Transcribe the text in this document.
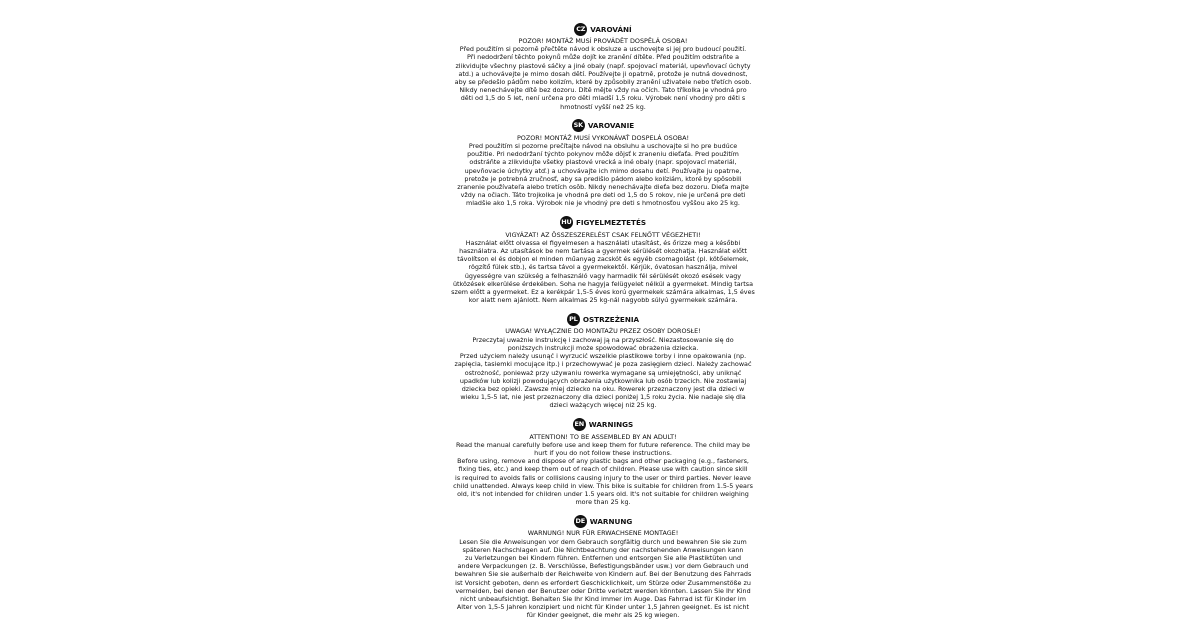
CZ VAROVÁNÍ
POZOR! MONTÁŽ MUSÍ PROVÁDĚT DOSPĚLÁ OSOBA!
Před použitím si pozorně přečtěte návod k obsluze a uschovejte si jej pro budoucí použití.
Při nedodržení těchto pokynů může dojít ke zranění dítěte. Před použitím odstraňte a
zlikvidujte všechny plastové sáčky a jiné obaly (např. spojovací materiál, upevňovací úchyty
atd.) a uchovávejte je mimo dosah dětí. Používejte ji opatrně, protože je nutná dovednost,
aby se předešlo pádům nebo kolizím, které by způsobily zranění uživatele nebo třetích osob.
Nikdy nenechávejte dítě bez dozoru. Dítě mějte vždy na očích. Tato tříkolka je vhodná pro
děti od 1,5 do 5 let, není určena pro děti mladší 1,5 roku. Výrobek není vhodný pro děti s
hmotností vyšší než 25 kg.
SK VAROVANIE
POZOR! MONTÁŽ MUSÍ VYKONÁVAŤ DOSPELÁ OSOBA!
Pred použitím si pozorne prečítajte návod na obsluhu a uschovajte si ho pre budúce
použitie. Pri nedodržaní týchto pokynov môže dôjsť k zraneniu dieťaťa. Pred použitím
odstráňte a zlikvidujte všetky plastové vrecká a iné obaly (napr. spojovací materiál,
upevňovacie úchytky atď.) a uchovávajte ich mimo dosahu detí. Používajte ju opatrne,
pretože je potrebná zručnosť, aby sa predišlo pádom alebo kolíziám, ktoré by spôsobili
zranenie používateľa alebo tretích osôb. Nikdy nenechávajte dieťa bez dozoru. Dieťa majte
vždy na očiach. Táto trojkolka je vhodná pre deti od 1,5 do 5 rokov, nie je určená pre deti
mladšie ako 1,5 roka. Výrobok nie je vhodný pre deti s hmotnosťou vyššou ako 25 kg.
HU FIGYELMEZTETÉS
VIGYÁZAT! AZ ÖSSZESZERELÉST CSAK FELNŐTT VÉGEZHETI!
Használat előtt olvassa el figyelmesen a használati utasítást, és őrizze meg a későbbi
használatra. Az utasítások be nem tartása a gyermek sérülését okozhatja. Használat előtt
távolítson el és dobjon el minden műanyag zacskót és egyéb csomagolást (pl. kötőelemek,
rögzítő fülek stb.), és tartsa távol a gyermekektől. Kérjük, óvatosan használja, mivel
ügyességre van szükség a felhasználó vagy harmadik fél sérülését okozó esések vagy
ütközések elkerülése érdekében. Soha ne hagyja felügyelet nélkül a gyermeket. Mindig tartsa
szem előtt a gyermeket. Ez a kerékpár 1,5-5 éves korú gyermekek számára alkalmas, 1,5 éves
kor alatt nem ajánlott. Nem alkalmas 25 kg-nál nagyobb súlyú gyermekek számára.
PL OSTRZEŻENIA
UWAGA! WYŁĄCZNIE DO MONTAŻU PRZEZ OSOBY DOROSŁE!
Przeczytaj uważnie instrukcję i zachowaj ją na przyszłość. Niezastosowanie się do
poniższych instrukcji może spowodować obrażenia dziecka.
Przed użyciem należy usunąć i wyrzucić wszelkie plastikowe torby i inne opakowania (np.
zapięcia, tasiemki mocujące itp.) i przechowywać je poza zasięgiem dzieci. Należy zachować
ostrożność, ponieważ przy używaniu rowerka wymagane są umiejętności, aby uniknąć
upadków lub kolizji powodujących obrażenia użytkownika lub osób trzecich. Nie zostawiaj
dziecka bez opieki. Zawsze miej dziecko na oku. Rowerek przeznaczony jest dla dzieci w
wieku 1,5-5 lat, nie jest przeznaczony dla dzieci poniżej 1,5 roku życia. Nie nadaje się dla
dzieci ważących więcej niż 25 kg.
EN WARNINGS
ATTENTION! TO BE ASSEMBLED BY AN ADULT!
Read the manual carefully before use and keep them for future reference. The child may be
hurt if you do not follow these instructions.
Before using, remove and dispose of any plastic bags and other packaging (e.g., fasteners,
fixing ties, etc.) and keep them out of reach of children. Please use with caution since skill
is required to avoids falls or collisions causing injury to the user or third parties. Never leave
child unattended. Always keep child in view. This bike is suitable for children from 1.5-5 years
old, it's not intended for children under 1.5 years old. It's not suitable for children weighing
more than 25 kg.
DE WARNUNG
WARNUNG! NUR FÜR ERWACHSENE MONTAGE!
Lesen Sie die Anweisungen vor dem Gebrauch sorgfältig durch und bewahren Sie sie zum
späteren Nachschlagen auf. Die Nichtbeachtung der nachstehenden Anweisungen kann
zu Verletzungen bei Kindern führen. Entfernen und entsorgen Sie alle Plastiktüten und
andere Verpackungen (z. B. Verschlüsse, Befestigungsbänder usw.) vor dem Gebrauch und
bewahren Sie sie außerhalb der Reichweite von Kindern auf. Bei der Benutzung des Fahrrads
ist Vorsicht geboten, denn es erfordert Geschicklichkeit, um Stürze oder Zusammenstöße zu
vermeiden, bei denen der Benutzer oder Dritte verletzt werden könnten. Lassen Sie Ihr Kind
nicht unbeaufsichtigt. Behalten Sie Ihr Kind immer im Auge. Das Fahrrad ist für Kinder im
Alter von 1,5-5 Jahren konzipiert und nicht für Kinder unter 1,5 Jahren geeignet. Es ist nicht
für Kinder geeignet, die mehr als 25 kg wiegen.
